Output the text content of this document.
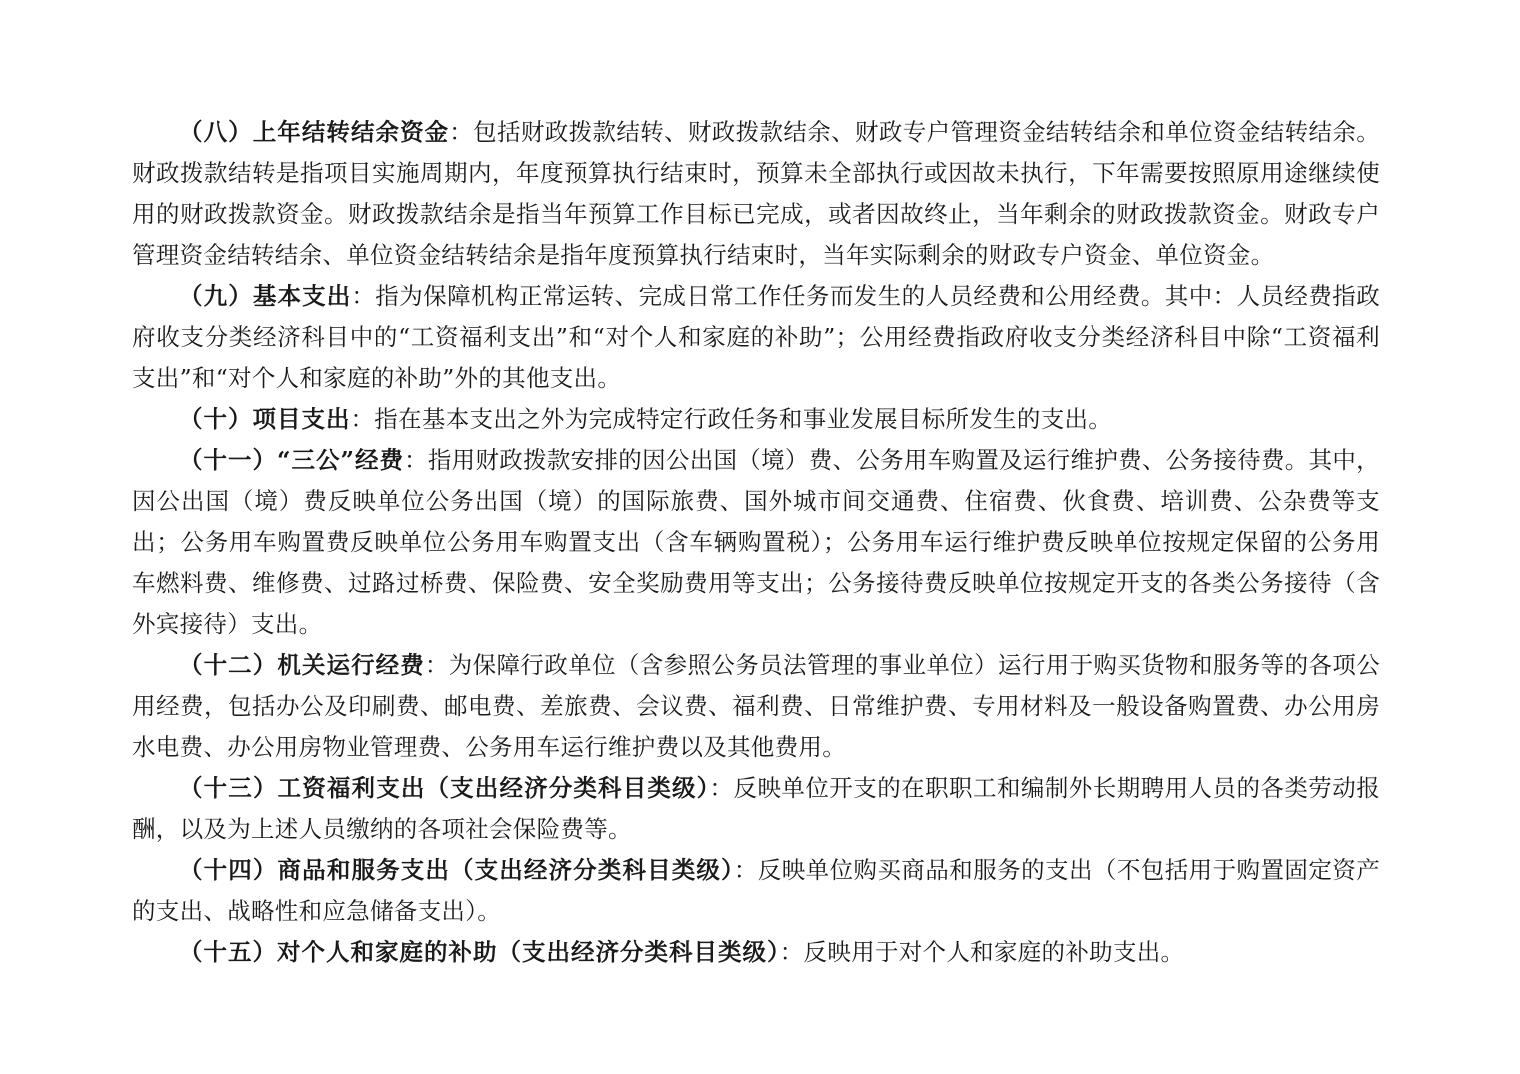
（八）上年结转结余资金：包括财政拨款结转、财政拨款结余、财政专户管理资金结转结余和单位资金结转结余。财政拨款结转是指项目实施周期内，年度预算执行结束时，预算未全部执行或因故未执行，下年需要按照原用途继续使用的财政拨款资金。财政拨款结余是指当年预算工作目标已完成，或者因故终止，当年剩余的财政拨款资金。财政专户管理资金结转结余、单位资金结转结余是指年度预算执行结束时，当年实际剩余的财政专户资金、单位资金。

（九）基本支出：指为保障机构正常运转、完成日常工作任务而发生的人员经费和公用经费。其中：人员经费指政府收支分类经济科目中的“工资福利支出”和“对个人和家庭的补助”；公用经费指政府收支分类经济科目中除“工资福利支出”和“对个人和家庭的补助”外的其他支出。

（十）项目支出：指在基本支出之外为完成特定行政任务和事业发展目标所发生的支出。

（十一）“三公”经费：指用财政拨款安排的因公出国（境）费、公务用车购置及运行维护费、公务接待费。其中，因公出国（境）费反映单位公务出国（境）的国际旅费、国外城市间交通费、住宿费、伙食费、培训费、公杂费等支出；公务用车购置费反映单位公务用车购置支出（含车辆购置税）；公务用车运行维护费反映单位按规定保留的公务用车燃料费、维修费、过路过桥费、保险费、安全奖励费用等支出；公务接待费反映单位按规定开支的各类公务接待（含外宾接待）支出。

（十二）机关运行经费：为保障行政单位（含参照公务员法管理的事业单位）运行用于购买货物和服务等的各项公用经费，包括办公及印刷费、邮电费、差旅费、会议费、福利费、日常维护费、专用材料及一般设备购置费、办公用房水电费、办公用房物业管理费、公务用车运行维护费以及其他费用。

（十三）工资福利支出（支出经济分类科目类级）：反映单位开支的在职职工和编制外长期聘用人员的各类劳动报酬，以及为上述人员缴纳的各项社会保险费等。

（十四）商品和服务支出（支出经济分类科目类级）：反映单位购买商品和服务的支出（不包括用于购置固定资产的支出、战略性和应急储备支出）。

（十五）对个人和家庭的补助（支出经济分类科目类级）：反映用于对个人和家庭的补助支出。
